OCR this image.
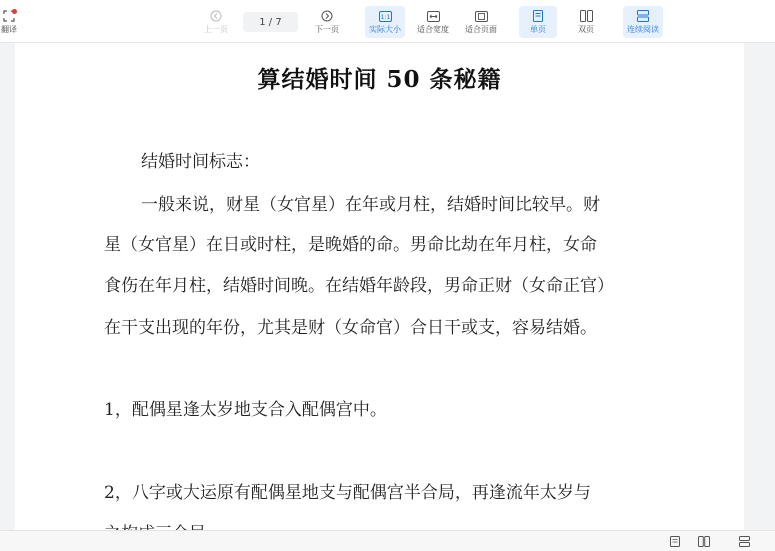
翻译	上一页
1 / 7
下一页
1:1
实际大小 适合宽度 适合页面	单页	双页	连续阅读
算结婚时间 50 条秘籍
结婚时间标志：
一般来说，财星（女官星）在年或月柱，结婚时间比较早。财
星（女官星）在日或时柱，是晚婚的命。男命比劫在年月柱，女命
食伤在年月柱，结婚时间晚。在结婚年龄段，男命正财（女命正官）
在干支出现的年份，尤其是财（女命官）合日干或支，容易结婚。
1，配偶星逢太岁地支合入配偶宫中。
2，八字或大运原有配偶星地支与配偶宫半合局，再逢流年太岁与
